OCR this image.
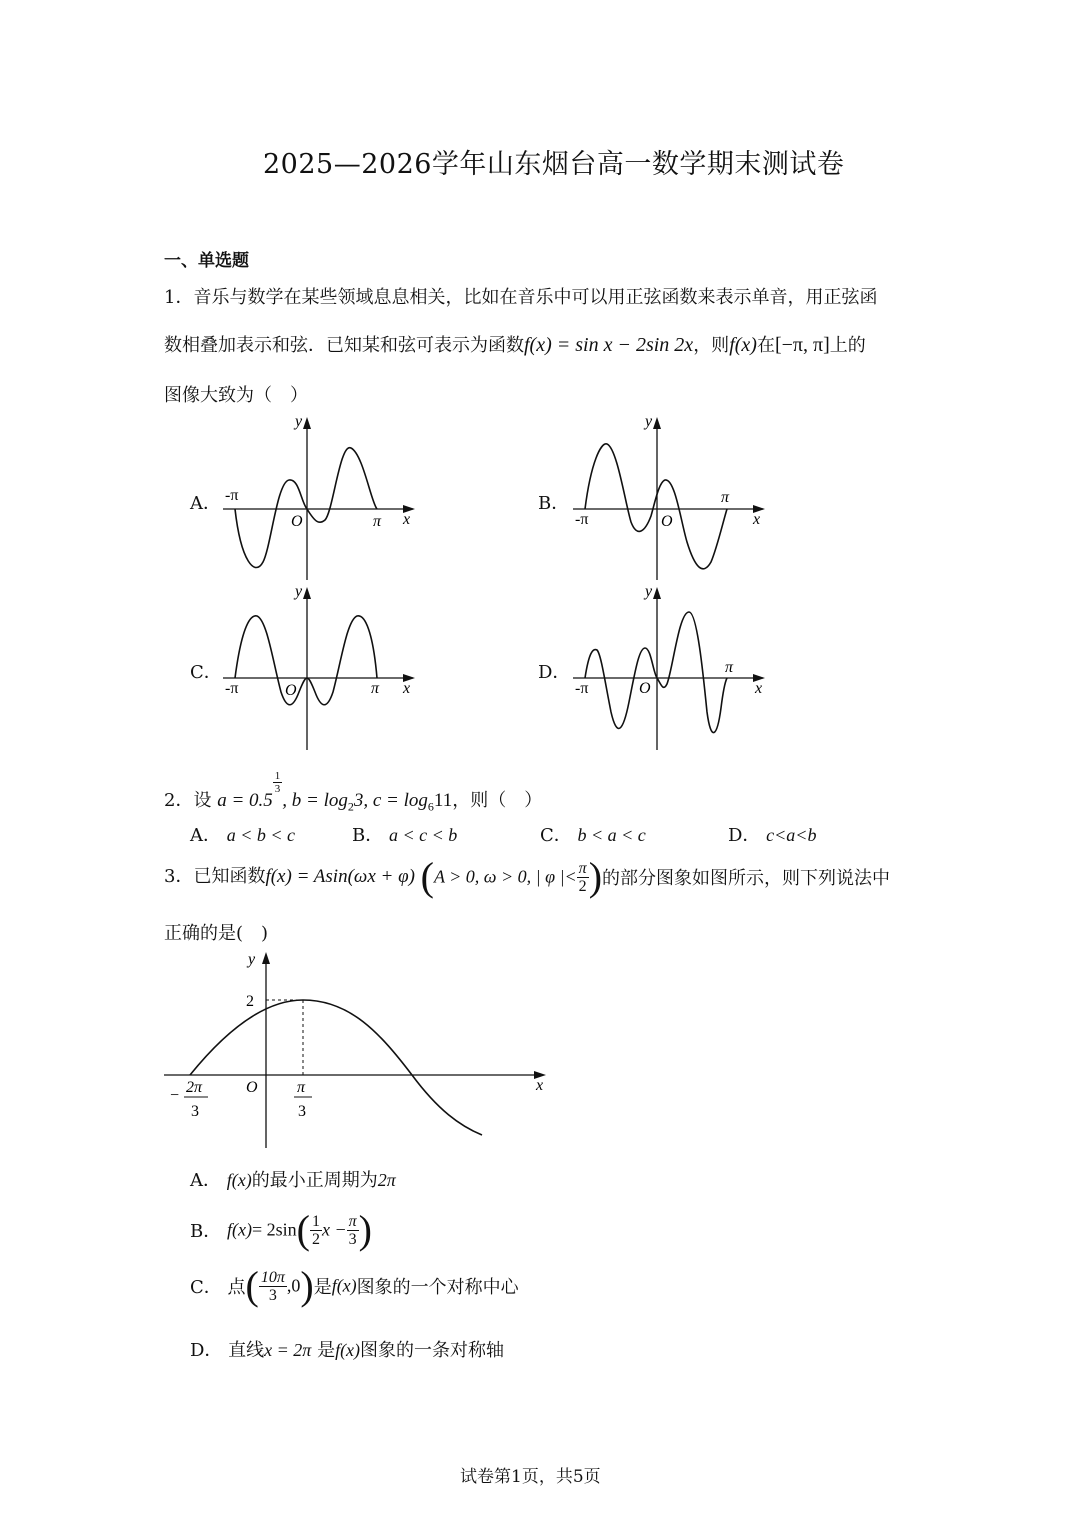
2025—2026学年山东烟台高一数学期末测试卷
一、单选题
1．音乐与数学在某些领域息息相关，比如在音乐中可以用正弦函数来表示单音，用正弦函
数相叠加表示和弦．已知某和弦可表示为函数f(x) = sin x − 2sin 2x，则f(x)在[−π, π]上的
图像大致为（　）
A．	B．
C．	D．
-π
O	π x
y
-π	O
π
x
y
-π	O	π x
y
-π	O
π
x
y
2．设 a = 0.5
$\frac{1}{3}$
, $b = \log_23$, $c = \log_611$，则（　）
A． a < b < c	B． a < c < b	C． b < a < c	D． c<a<b
3．已知函数f(x) = Asin(ωx + φ) (A > 0, ω > 0, | φ |< $\frac{\pi}{2}$ )的部分图象如图所示，则下列说法中
正确的是(　)
2
O	x
y
− 2π
3
π
3
A． f(x)的最小正周期为2π
B． $f(x)= 2\sin( \frac{1}{2}$ $x - \frac{\pi}{3}$ )
C． 点( $\frac{10\pi}{3} ,0$)是f(x)图象的一个对称中心
D． 直线x = 2π 是f(x)图象的一条对称轴
试卷第1页，共5页
